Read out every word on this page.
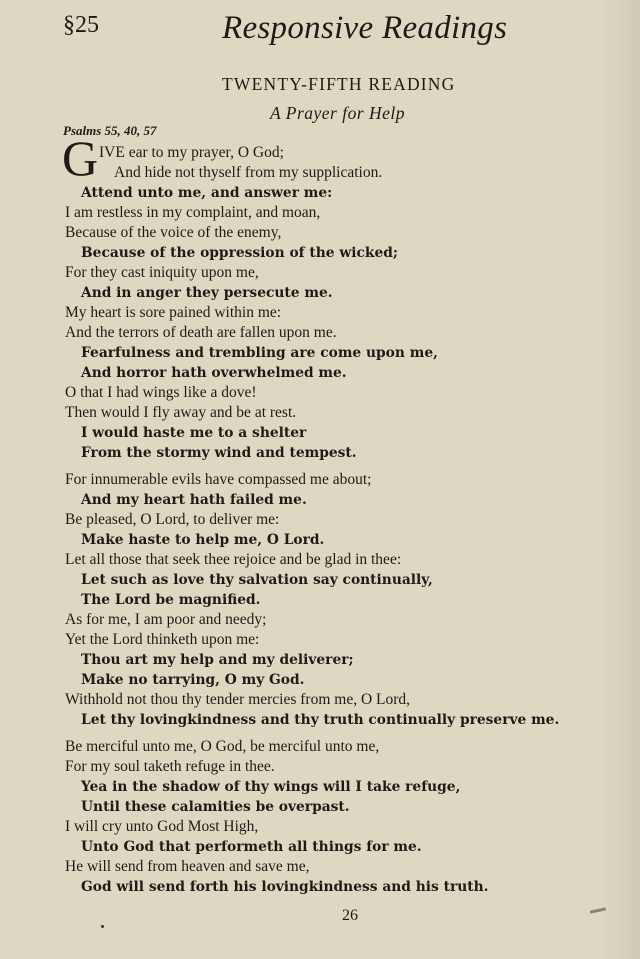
§25	Responsive Readings
TWENTY-FIFTH READING
A Prayer for Help
Psalms 55, 40, 57
G IVE ear to my prayer, O God;
And hide not thyself from my supplication.
Attend unto me, and answer me:
I am restless in my complaint, and moan,
Because of the voice of the enemy,
Because of the oppression of the wicked;
For they cast iniquity upon me,
And in anger they persecute me.
My heart is sore pained within me:
And the terrors of death are fallen upon me.
Fearfulness and trembling are come upon me,
And horror hath overwhelmed me.
O that I had wings like a dove!
Then would I fly away and be at rest.
I would haste me to a shelter
From the stormy wind and tempest.
For innumerable evils have compassed me about;
And my heart hath failed me.
Be pleased, O Lord, to deliver me:
Make haste to help me, O Lord.
Let all those that seek thee rejoice and be glad in thee:
Let such as love thy salvation say continually,
The Lord be magnified.
As for me, I am poor and needy;
Yet the Lord thinketh upon me:
Thou art my help and my deliverer;
Make no tarrying, O my God.
Withhold not thou thy tender mercies from me, O Lord,
Let thy lovingkindness and thy truth continually preserve me.
Be merciful unto me, O God, be merciful unto me,
For my soul taketh refuge in thee.
Yea in the shadow of thy wings will I take refuge,
Until these calamities be overpast.
I will cry unto God Most High,
Unto God that performeth all things for me.
He will send from heaven and save me,
God will send forth his lovingkindness and his truth.
26
